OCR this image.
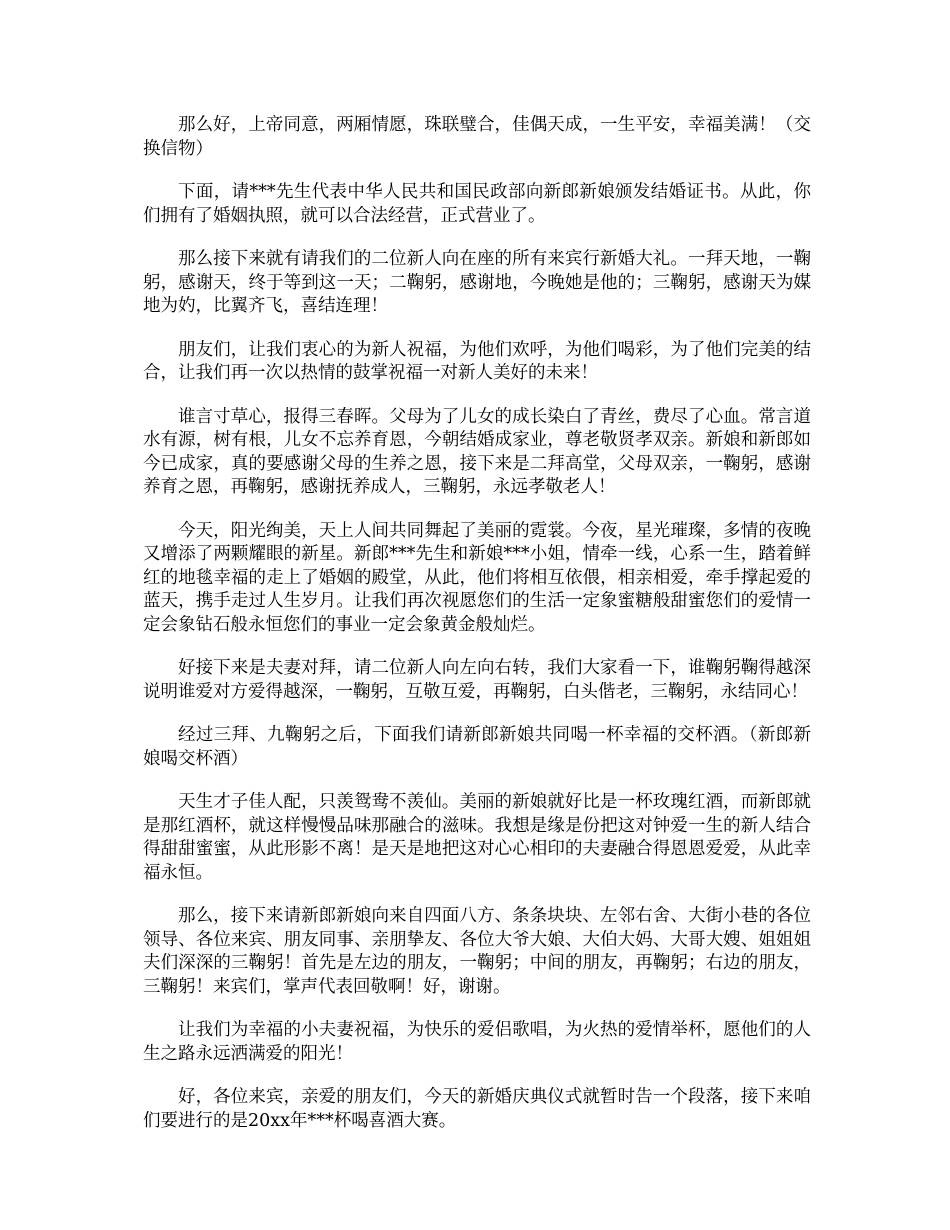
那么好，上帝同意，两厢情愿，珠联璧合，佳偶天成，一生平安，幸福美满！（交换信物）

下面，请***先生代表中华人民共和国民政部向新郎新娘颁发结婚证书。从此，你们拥有了婚姻执照，就可以合法经营，正式营业了。

那么接下来就有请我们的二位新人向在座的所有来宾行新婚大礼。一拜天地，一鞠躬，感谢天，终于等到这一天；二鞠躬，感谢地，今晚她是他的；三鞠躬，感谢天为媒地为妁，比翼齐飞，喜结连理！

朋友们，让我们衷心的为新人祝福，为他们欢呼，为他们喝彩，为了他们完美的结合，让我们再一次以热情的鼓掌祝福一对新人美好的未来！

谁言寸草心，报得三春晖。父母为了儿女的成长染白了青丝，费尽了心血。常言道水有源，树有根，儿女不忘养育恩，今朝结婚成家业，尊老敬贤孝双亲。新娘和新郎如今已成家，真的要感谢父母的生养之恩，接下来是二拜高堂，父母双亲，一鞠躬，感谢养育之恩，再鞠躬，感谢抚养成人，三鞠躬，永远孝敬老人！

今天，阳光绚美，天上人间共同舞起了美丽的霓裳。今夜，星光璀璨，多情的夜晚又增添了两颗耀眼的新星。新郎***先生和新娘***小姐，情牵一线，心系一生，踏着鲜红的地毯幸福的走上了婚姻的殿堂，从此，他们将相互依偎，相亲相爱，牵手撑起爱的蓝天，携手走过人生岁月。让我们再次视愿您们的生活一定象蜜糖般甜蜜您们的爱情一定会象钻石般永恒您们的事业一定会象黄金般灿烂。

好接下来是夫妻对拜，请二位新人向左向右转，我们大家看一下，谁鞠躬鞠得越深说明谁爱对方爱得越深，一鞠躬，互敬互爱，再鞠躬，白头偕老，三鞠躬，永结同心！

经过三拜、九鞠躬之后，下面我们请新郎新娘共同喝一杯幸福的交杯酒。（新郎新娘喝交杯酒）

天生才子佳人配，只羡鸳鸯不羡仙。美丽的新娘就好比是一杯玫瑰红酒，而新郎就是那红酒杯，就这样慢慢品味那融合的滋味。我想是缘是份把这对钟爱一生的新人结合得甜甜蜜蜜，从此形影不离！是天是地把这对心心相印的夫妻融合得恩恩爱爱，从此幸福永恒。

那么，接下来请新郎新娘向来自四面八方、条条块块、左邻右舍、大街小巷的各位领导、各位来宾、朋友同事、亲朋挚友、各位大爷大娘、大伯大妈、大哥大嫂、姐姐姐夫们深深的三鞠躬！首先是左边的朋友，一鞠躬；中间的朋友，再鞠躬；右边的朋友，三鞠躬！来宾们，掌声代表回敬啊！好，谢谢。

让我们为幸福的小夫妻祝福，为快乐的爱侣歌唱，为火热的爱情举杯，愿他们的人生之路永远洒满爱的阳光！

好，各位来宾，亲爱的朋友们，今天的新婚庆典仪式就暂时告一个段落，接下来咱们要进行的是20xx年***杯喝喜酒大赛。
